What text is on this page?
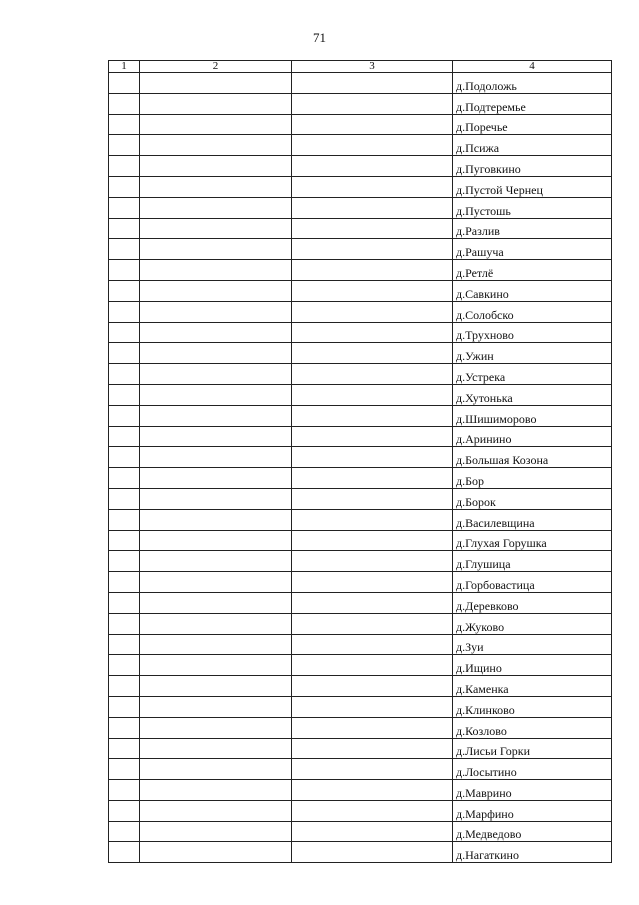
71
1	2	3	4
			д.Подоложь
			д.Подтеремье
			д.Поречье
			д.Псижа
			д.Пуговкино
			д.Пустой Чернец
			д.Пустошь
			д.Разлив
			д.Рашуча
			д.Ретлё
			д.Савкино
			д.Солобско
			д.Трухново
			д.Ужин
			д.Устрека
			д.Хутонька
			д.Шишиморово
			д.Аринино
			д.Большая Козона
			д.Бор
			д.Борок
			д.Василевщина
			д.Глухая Горушка
			д.Глушица
			д.Горбовастица
			д.Деревково
			д.Жуково
			д.Зуи
			д.Ищино
			д.Каменка
			д.Клинково
			д.Козлово
			д.Лисьи Горки
			д.Лосытино
			д.Маврино
			д.Марфино
			д.Медведово
			д.Нагаткино
